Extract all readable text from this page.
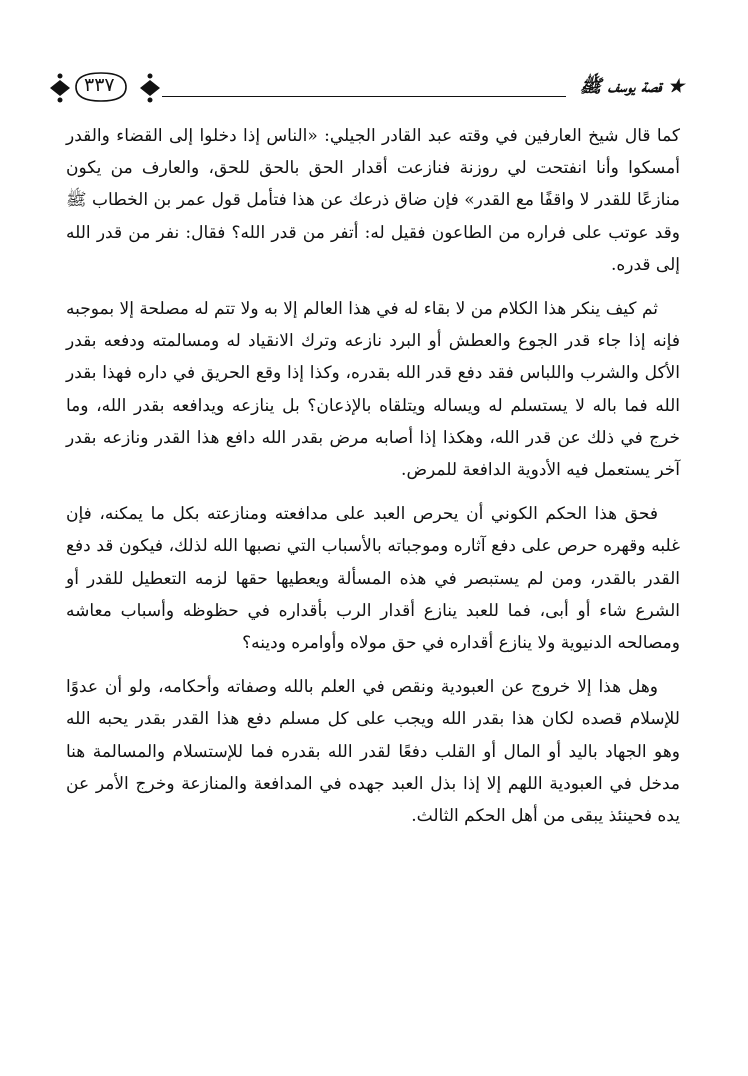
٣٣٧	★ قصة يوسف ﷺ

كما قال شيخ العارفين في وقته عبد القادر الجيلي: «الناس إذا دخلوا إلى القضاء والقدر أمسكوا وأنا انفتحت لي روزنة فنازعت أقدار الحق بالحق للحق، والعارف من يكون منازعًا للقدر لا واقفًا مع القدر» فإن ضاق ذرعك عن هذا فتأمل قول عمر بن الخطاب ﷺ وقد عوتب على فراره من الطاعون فقيل له: أتفر من قدر الله؟ فقال: نفر من قدر الله إلى قدره.

ثم كيف ينكر هذا الكلام من لا بقاء له في هذا العالم إلا به ولا تتم له مصلحة إلا بموجبه فإنه إذا جاء قدر الجوع والعطش أو البرد نازعه وترك الانقياد له ومسالمته ودفعه بقدر الأكل والشرب واللباس فقد دفع قدر الله بقدره، وكذا إذا وقع الحريق في داره فهذا بقدر الله فما باله لا يستسلم له ويساله ويتلقاه بالإذعان؟ بل ينازعه ويدافعه بقدر الله، وما خرج في ذلك عن قدر الله، وهكذا إذا أصابه مرض بقدر الله دافع هذا القدر ونازعه بقدر آخر يستعمل فيه الأدوية الدافعة للمرض.

فحق هذا الحكم الكوني أن يحرص العبد على مدافعته ومنازعته بكل ما يمكنه، فإن غلبه وقهره حرص على دفع آثاره وموجباته بالأسباب التي نصبها الله لذلك، فيكون قد دفع القدر بالقدر، ومن لم يستبصر في هذه المسألة ويعطيها حقها لزمه التعطيل للقدر أو الشرع شاء أو أبى، فما للعبد ينازع أقدار الرب بأقداره في حظوظه وأسباب معاشه ومصالحه الدنيوية ولا ينازع أقداره في حق مولاه وأوامره ودينه؟

وهل هذا إلا خروج عن العبودية ونقص في العلم بالله وصفاته وأحكامه، ولو أن عدوًا للإسلام قصده لكان هذا بقدر الله ويجب على كل مسلم دفع هذا القدر بقدر يحبه الله وهو الجهاد باليد أو المال أو القلب دفعًا لقدر الله بقدره فما للإستسلام والمسالمة هنا مدخل في العبودية اللهم إلا إذا بذل العبد جهده في المدافعة والمنازعة وخرج الأمر عن يده فحينئذ يبقى من أهل الحكم الثالث.
